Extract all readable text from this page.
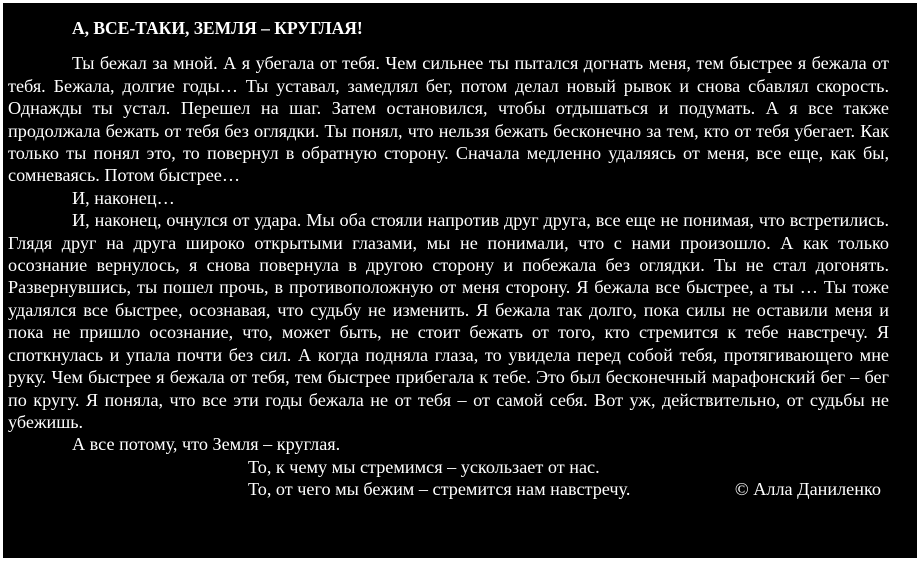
А, ВСЕ-ТАКИ, ЗЕМЛЯ – КРУГЛАЯ!

Ты бежал за мной. А я убегала от тебя. Чем сильнее ты пытался догнать меня, тем быстрее я бежала от тебя. Бежала, долгие годы… Ты уставал, замедлял бег, потом делал новый рывок и снова сбавлял скорость. Однажды ты устал. Перешел на шаг. Затем остановился, чтобы отдышаться и подумать. А я все также продолжала бежать от тебя без оглядки. Ты понял, что нельзя бежать бесконечно за тем, кто от тебя убегает. Как только ты понял это, то повернул в обратную сторону. Сначала медленно удаляясь от меня, все еще, как бы, сомневаясь. Потом быстрее…

И, наконец…

И, наконец, очнулся от удара. Мы оба стояли напротив друг друга, все еще не понимая, что встретились. Глядя друг на друга широко открытыми глазами, мы не понимали, что с нами произошло. А как только осознание вернулось, я снова повернула в другою сторону и побежала без оглядки. Ты не стал догонять. Развернувшись, ты пошел прочь, в противоположную от меня сторону. Я бежала все быстрее, а ты … Ты тоже удалялся все быстрее, осознавая, что судьбу не изменить. Я бежала так долго, пока силы не оставили меня и пока не пришло осознание, что, может быть, не стоит бежать от того, кто стремится к тебе навстречу. Я споткнулась и упала почти без сил. А когда подняла глаза, то увидела перед собой тебя, протягивающего мне руку. Чем быстрее я бежала от тебя, тем быстрее прибегала к тебе. Это был бесконечный марафонский бег – бег по кругу. Я поняла, что все эти годы бежала не от тебя – от самой себя. Вот уж, действительно, от судьбы не убежишь.

А все потому, что Земля – круглая.

То, к чему мы стремимся – ускользает от нас.

То, от чего мы бежим – стремится нам навстречу.	© Алла Даниленко
